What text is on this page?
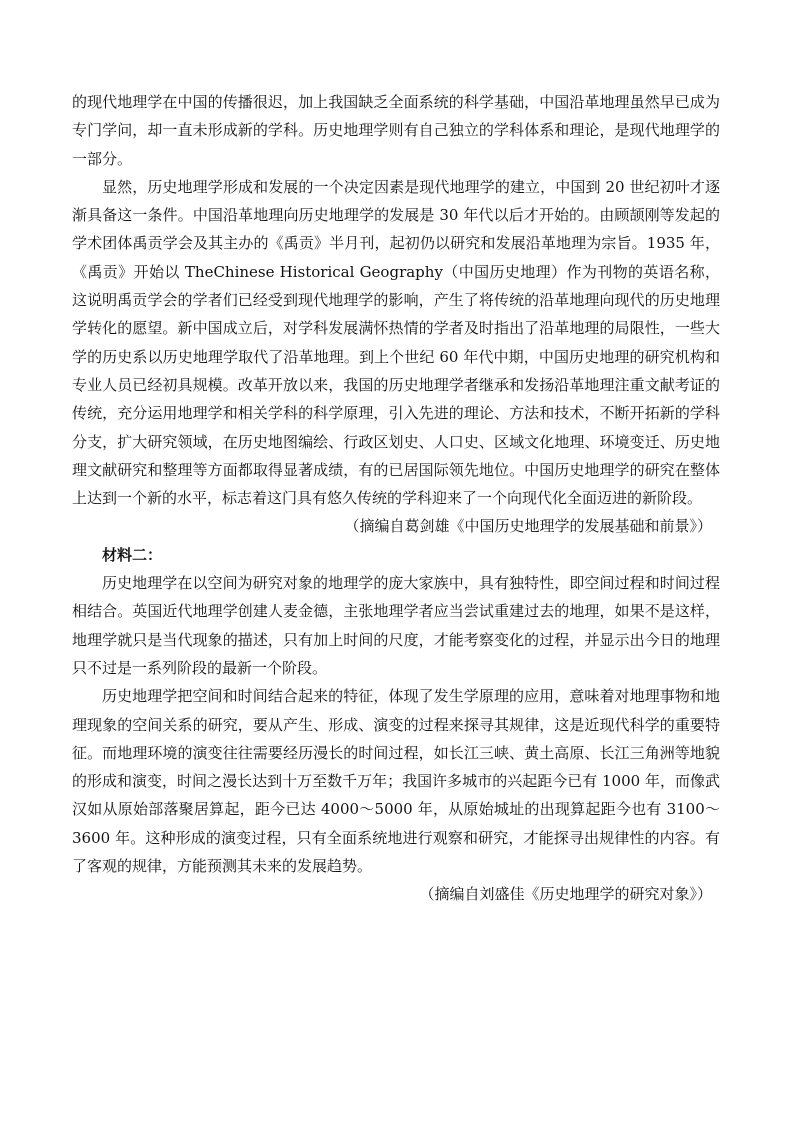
的现代地理学在中国的传播很迟，加上我国缺乏全面系统的科学基础，中国沿革地理虽然早已成为专门学问，却一直未形成新的学科。历史地理学则有自己独立的学科体系和理论，是现代地理学的一部分。

显然，历史地理学形成和发展的一个决定因素是现代地理学的建立，中国到 20 世纪初叶才逐渐具备这一条件。中国沿革地理向历史地理学的发展是 30 年代以后才开始的。由顾颉刚等发起的学术团体禹贡学会及其主办的《禹贡》半月刊，起初仍以研究和发展沿革地理为宗旨。1935 年，《禹贡》开始以 TheChinese Historical Geography（中国历史地理）作为刊物的英语名称，这说明禹贡学会的学者们已经受到现代地理学的影响，产生了将传统的沿革地理向现代的历史地理学转化的愿望。新中国成立后，对学科发展满怀热情的学者及时指出了沿革地理的局限性，一些大学的历史系以历史地理学取代了沿革地理。到上个世纪 60 年代中期，中国历史地理的研究机构和专业人员已经初具规模。改革开放以来，我国的历史地理学者继承和发扬沿革地理注重文献考证的传统，充分运用地理学和相关学科的科学原理，引入先进的理论、方法和技术，不断开拓新的学科分支，扩大研究领域，在历史地图编绘、行政区划史、人口史、区域文化地理、环境变迁、历史地理文献研究和整理等方面都取得显著成绩，有的已居国际领先地位。中国历史地理学的研究在整体上达到一个新的水平，标志着这门具有悠久传统的学科迎来了一个向现代化全面迈进的新阶段。

（摘编自葛剑雄《中国历史地理学的发展基础和前景》）

材料二：

历史地理学在以空间为研究对象的地理学的庞大家族中，具有独特性，即空间过程和时间过程相结合。英国近代地理学创建人麦金德，主张地理学者应当尝试重建过去的地理，如果不是这样，地理学就只是当代现象的描述，只有加上时间的尺度，才能考察变化的过程，并显示出今日的地理只不过是一系列阶段的最新一个阶段。

历史地理学把空间和时间结合起来的特征，体现了发生学原理的应用，意味着对地理事物和地理现象的空间关系的研究，要从产生、形成、演变的过程来探寻其规律，这是近现代科学的重要特征。而地理环境的演变往往需要经历漫长的时间过程，如长江三峡、黄土高原、长江三角洲等地貌的形成和演变，时间之漫长达到十万至数千万年；我国许多城市的兴起距今已有 1000 年，而像武汉如从原始部落聚居算起，距今已达 4000～5000 年，从原始城址的出现算起距今也有 3100～3600 年。这种形成的演变过程，只有全面系统地进行观察和研究，才能探寻出规律性的内容。有了客观的规律，方能预测其未来的发展趋势。

（摘编自刘盛佳《历史地理学的研究对象》）
